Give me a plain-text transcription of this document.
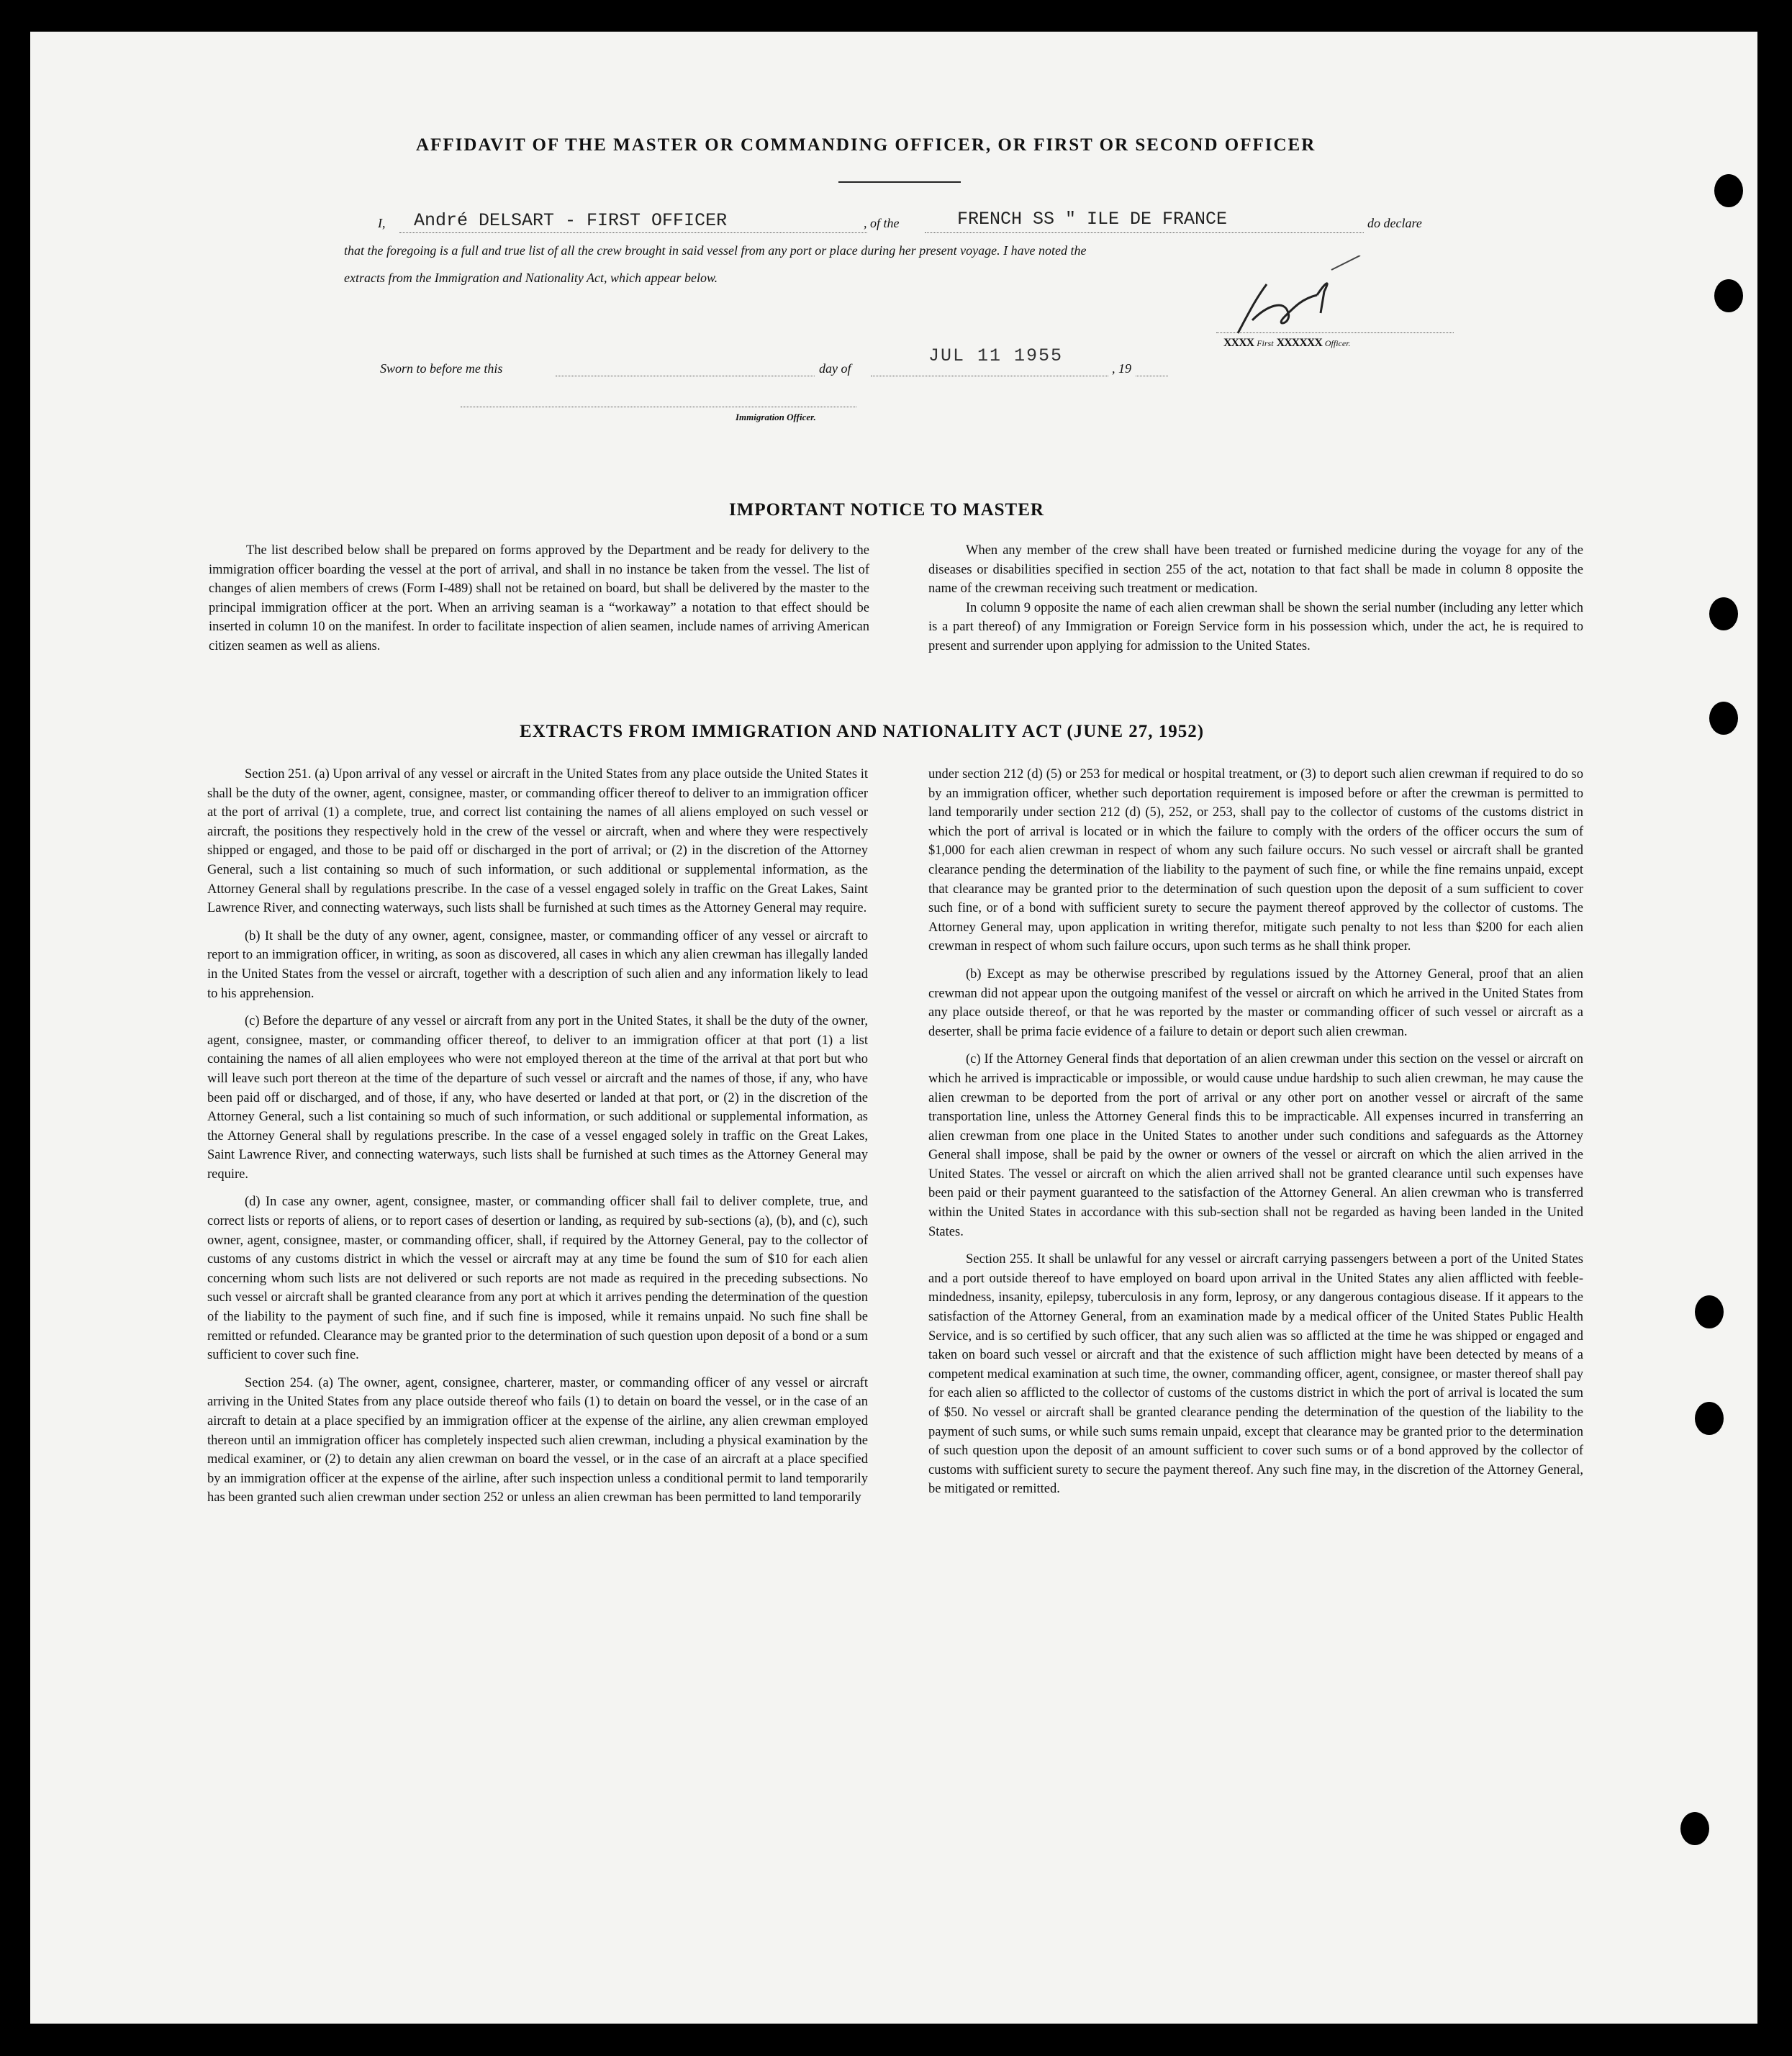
AFFIDAVIT OF THE MASTER OR COMMANDING OFFICER, OR FIRST OR SECOND OFFICER
I, André DELSART - FIRST OFFICER	, of the	FRENCH SS " ILE DE FRANCE	do declare
that the foregoing is a full and true list of all the crew brought in said vessel from any port or place during her present voyage. I have noted the
extracts from the Immigration and Nationality Act, which appear below.
XXXX First XXXXXX Officer.
Sworn to before me this	day of
JUL 11 1955
, 19
Immigration Officer.
IMPORTANT NOTICE TO MASTER

The list described below shall be prepared on forms approved by the Department and be ready for delivery to the immigration officer boarding the vessel at the port of arrival, and shall in no instance be taken from the vessel. The list of changes of alien members of crews (Form I-489) shall not be retained on board, but shall be delivered by the master to the principal immigration officer at the port. When an arriving seaman is a “workaway” a notation to that effect should be inserted in column 10 on the manifest. In order to facilitate inspection of alien seamen, include names of arriving American citizen seamen as well as aliens.

When any member of the crew shall have been treated or furnished medicine during the voyage for any of the diseases or disabilities specified in section 255 of the act, notation to that fact shall be made in column 8 opposite the name of the crewman receiving such treatment or medication.

In column 9 opposite the name of each alien crewman shall be shown the serial number (including any letter which is a part thereof) of any Immigration or Foreign Service form in his possession which, under the act, he is required to present and surrender upon applying for admission to the United States.

EXTRACTS FROM IMMIGRATION AND NATIONALITY ACT (JUNE 27, 1952)

Section 251. (a) Upon arrival of any vessel or aircraft in the United States from any place outside the United States it shall be the duty of the owner, agent, consignee, master, or commanding officer thereof to deliver to an immigration officer at the port of arrival (1) a complete, true, and correct list containing the names of all aliens employed on such vessel or aircraft, the positions they respectively hold in the crew of the vessel or aircraft, when and where they were respectively shipped or engaged, and those to be paid off or discharged in the port of arrival; or (2) in the discretion of the Attorney General, such a list containing so much of such information, or such additional or supplemental information, as the Attorney General shall by regulations prescribe. In the case of a vessel engaged solely in traffic on the Great Lakes, Saint Lawrence River, and connecting waterways, such lists shall be furnished at such times as the Attorney General may require.

(b) It shall be the duty of any owner, agent, consignee, master, or commanding officer of any vessel or aircraft to report to an immigration officer, in writing, as soon as discovered, all cases in which any alien crewman has illegally landed in the United States from the vessel or aircraft, together with a description of such alien and any information likely to lead to his apprehension.

(c) Before the departure of any vessel or aircraft from any port in the United States, it shall be the duty of the owner, agent, consignee, master, or commanding officer thereof, to deliver to an immigration officer at that port (1) a list containing the names of all alien employees who were not employed thereon at the time of the arrival at that port but who will leave such port thereon at the time of the departure of such vessel or aircraft and the names of those, if any, who have been paid off or discharged, and of those, if any, who have deserted or landed at that port, or (2) in the discretion of the Attorney General, such a list containing so much of such information, or such additional or supplemental information, as the Attorney General shall by regulations prescribe. In the case of a vessel engaged solely in traffic on the Great Lakes, Saint Lawrence River, and connecting waterways, such lists shall be furnished at such times as the Attorney General may require.

(d) In case any owner, agent, consignee, master, or commanding officer shall fail to deliver complete, true, and correct lists or reports of aliens, or to report cases of desertion or landing, as required by sub-sections (a), (b), and (c), such owner, agent, consignee, master, or commanding officer, shall, if required by the Attorney General, pay to the collector of customs of any customs district in which the vessel or aircraft may at any time be found the sum of $10 for each alien concerning whom such lists are not delivered or such reports are not made as required in the preceding subsections. No such vessel or aircraft shall be granted clearance from any port at which it arrives pending the determination of the question of the liability to the payment of such fine, and if such fine is imposed, while it remains unpaid. No such fine shall be remitted or refunded. Clearance may be granted prior to the determination of such question upon deposit of a bond or a sum sufficient to cover such fine.

Section 254. (a) The owner, agent, consignee, charterer, master, or commanding officer of any vessel or aircraft arriving in the United States from any place outside thereof who fails (1) to detain on board the vessel, or in the case of an aircraft to detain at a place specified by an immigration officer at the expense of the airline, any alien crewman employed thereon until an immigration officer has completely inspected such alien crewman, including a physical examination by the medical examiner, or (2) to detain any alien crewman on board the vessel, or in the case of an aircraft at a place specified by an immigration officer at the expense of the airline, after such inspection unless a conditional permit to land temporarily has been granted such alien crewman under section 252 or unless an alien crewman has been permitted to land temporarily

under section 212 (d) (5) or 253 for medical or hospital treatment, or (3) to deport such alien crewman if required to do so by an immigration officer, whether such deportation requirement is imposed before or after the crewman is permitted to land temporarily under section 212 (d) (5), 252, or 253, shall pay to the collector of customs of the customs district in which the port of arrival is located or in which the failure to comply with the orders of the officer occurs the sum of $1,000 for each alien crewman in respect of whom any such failure occurs. No such vessel or aircraft shall be granted clearance pending the determination of the liability to the payment of such fine, or while the fine remains unpaid, except that clearance may be granted prior to the determination of such question upon the deposit of a sum sufficient to cover such fine, or of a bond with sufficient surety to secure the payment thereof approved by the collector of customs. The Attorney General may, upon application in writing therefor, mitigate such penalty to not less than $200 for each alien crewman in respect of whom such failure occurs, upon such terms as he shall think proper.

(b) Except as may be otherwise prescribed by regulations issued by the Attorney General, proof that an alien crewman did not appear upon the outgoing manifest of the vessel or aircraft on which he arrived in the United States from any place outside thereof, or that he was reported by the master or commanding officer of such vessel or aircraft as a deserter, shall be prima facie evidence of a failure to detain or deport such alien crewman.

(c) If the Attorney General finds that deportation of an alien crewman under this section on the vessel or aircraft on which he arrived is impracticable or impossible, or would cause undue hardship to such alien crewman, he may cause the alien crewman to be deported from the port of arrival or any other port on another vessel or aircraft of the same transportation line, unless the Attorney General finds this to be impracticable. All expenses incurred in transferring an alien crewman from one place in the United States to another under such conditions and safeguards as the Attorney General shall impose, shall be paid by the owner or owners of the vessel or aircraft on which the alien arrived in the United States. The vessel or aircraft on which the alien arrived shall not be granted clearance until such expenses have been paid or their payment guaranteed to the satisfaction of the Attorney General. An alien crewman who is transferred within the United States in accordance with this sub-section shall not be regarded as having been landed in the United States.

Section 255. It shall be unlawful for any vessel or aircraft carrying passengers between a port of the United States and a port outside thereof to have employed on board upon arrival in the United States any alien afflicted with feeble-mindedness, insanity, epilepsy, tuberculosis in any form, leprosy, or any dangerous contagious disease. If it appears to the satisfaction of the Attorney General, from an examination made by a medical officer of the United States Public Health Service, and is so certified by such officer, that any such alien was so afflicted at the time he was shipped or engaged and taken on board such vessel or aircraft and that the existence of such affliction might have been detected by means of a competent medical examination at such time, the owner, commanding officer, agent, consignee, or master thereof shall pay for each alien so afflicted to the collector of customs of the customs district in which the port of arrival is located the sum of $50. No vessel or aircraft shall be granted clearance pending the determination of the question of the liability to the payment of such sums, or while such sums remain unpaid, except that clearance may be granted prior to the determination of such question upon the deposit of an amount sufficient to cover such sums or of a bond approved by the collector of customs with sufficient surety to secure the payment thereof. Any such fine may, in the discretion of the Attorney General, be mitigated or remitted.
